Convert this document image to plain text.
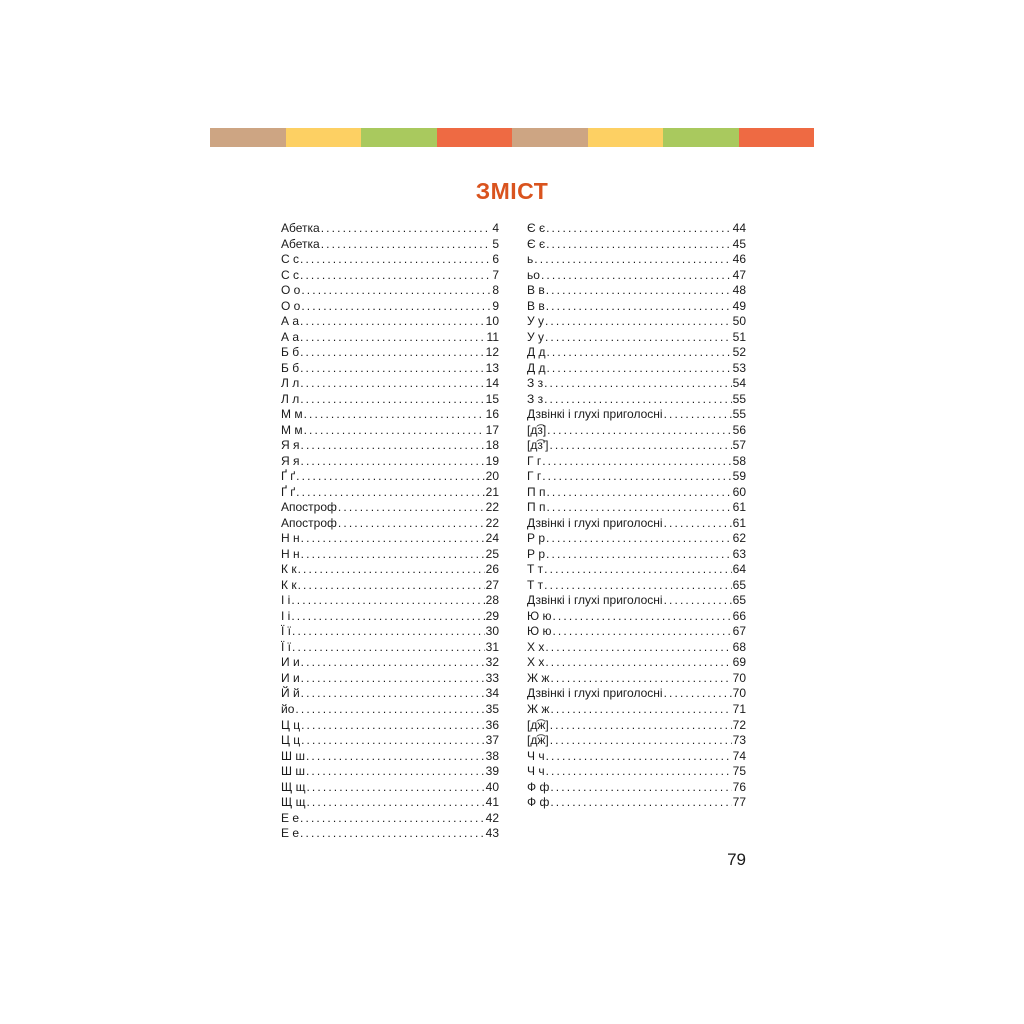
ЗМІСТ
Абетка . . .	4
Абетка . . .	5
С с . . .	6
С с . . .	7
О о . . .	8
О о . . .	9
А а . . .	10
А а . . .	11
Б б . . .	12
Б б . . .	13
Л л . . .	14
Л л . . .	15
М м . . .	16
М м . . .	17
Я я . . .	18
Я я . . .	19
Ґ ґ . . .	20
Ґ ґ . . .	21
Апостроф . . .	22
Апостроф . . .	22
Н н . . .	24
Н н . . .	25
К к . . .	26
К к . . .	27
І і . . .	28
І і . . .	29
Ї ї . . .	30
Ї ї . . .	31
И и . . .	32
И и . . .	33
Й й . . .	34
йо . . .	35
Ц ц . . .	36
Ц ц . . .	37
Ш ш . . .	38
Ш ш . . .	39
Щ щ . . .	40
Щ щ . . .	41
Е е . . .	42
Е е . . .	43
Є є . . .	44
Є є . . .	45
ь . . .	46
ьо . . .	47
В в . . .	48
В в . . .	49
У у . . .	50
У у . . .	51
Д д . . .	52
Д д . . .	53
З з . . .	54
З з . . .	55
Дзвінкі і глухі приголосні . . .	55
[д͡з] . . .	56
[д͡з'] . . .	57
Г г . . .	58
Г г . . .	59
П п . . .	60
П п . . .	61
Дзвінкі і глухі приголосні . . .	61
Р р . . .	62
Р р . . .	63
Т т . . .	64
Т т . . .	65
Дзвінкі і глухі приголосні . . .	65
Ю ю . . .	66
Ю ю . . .	67
Х х . . .	68
Х х . . .	69
Ж ж . . .	70
Дзвінкі і глухі приголосні . . .	70
Ж ж . . .	71
[д͡ж] . . .	72
[д͡ж] . . .	73
Ч ч . . .	74
Ч ч . . .	75
Ф ф . . .	76
Ф ф . . .	77
79
